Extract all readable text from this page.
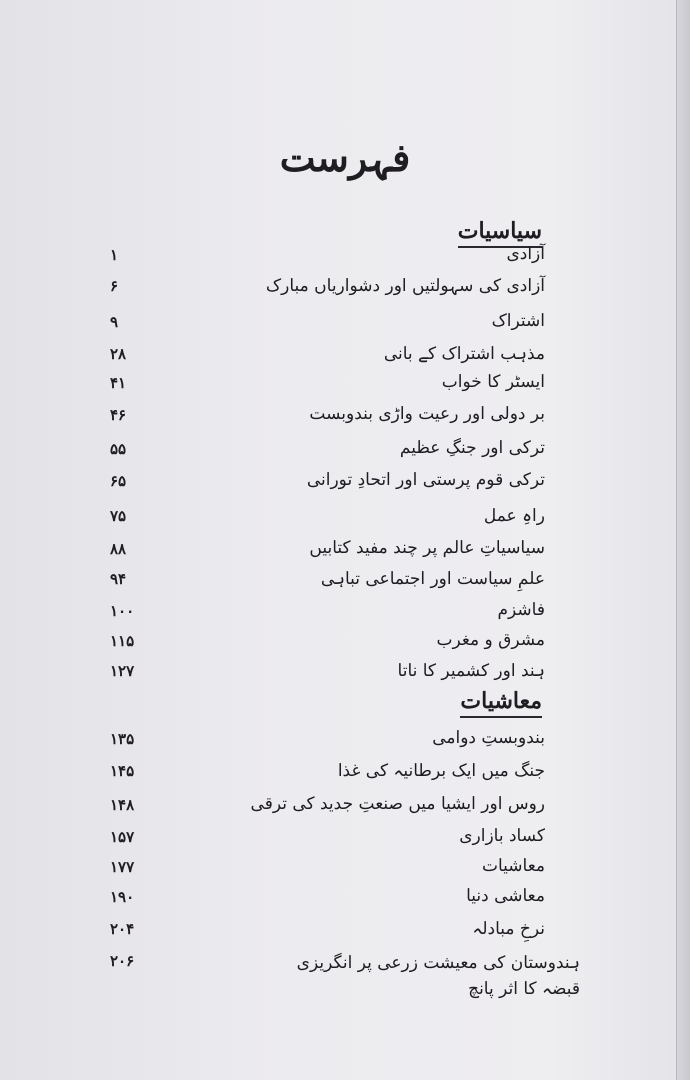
فہرست
سیاسیات
آزادی
۱
آزادی کی سہولتیں اور دشواریاں مبارک
۶
اشتراک
۹
مذہب اشتراک کے بانی
۲۸
ایسٹر کا خواب
۴۱
بر دولی اور رعیت واڑی بندوبست
۴۶
ترکی اور جنگِ عظیم
۵۵
ترکی قوم پرستی اور اتحادِ تورانی
۶۵
راہِ عمل
۷۵
سیاسیاتِ عالم پر چند مفید کتابیں
۸۸
علمِ سیاست اور اجتماعی تباہی
۹۴
فاشزم
۱۰۰
مشرق و مغرب
۱۱۵
ہند اور کشمیر کا ناتا
۱۲۷
معاشیات
بندوبستِ دوامی
۱۳۵
جنگ میں ایک برطانیہ کی غذا
۱۴۵
روس اور ایشیا میں صنعتِ جدید کی ترقی
۱۴۸
کساد بازاری
۱۵۷
معاشیات
۱۷۷
معاشی دنیا
۱۹۰
نرخِ مبادلہ
۲۰۴
ہندوستان کی معیشت زرعی پر انگریزی قبضہ کا اثر پانچ
۲۰۶
